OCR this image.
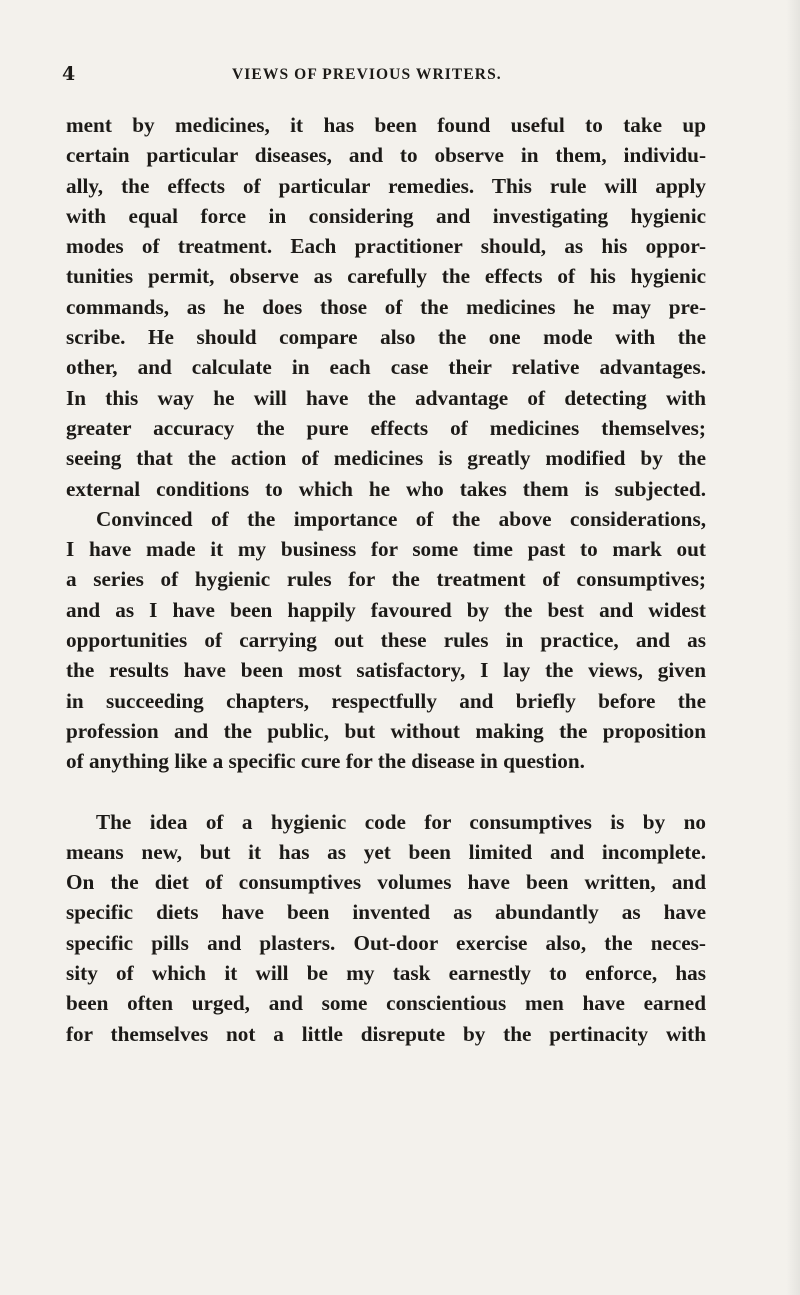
4	VIEWS OF PREVIOUS WRITERS.
ment by medicines, it has been found useful to take up
certain particular diseases, and to observe in them, individu-
ally, the effects of particular remedies. This rule will apply
with equal force in considering and investigating hygienic
modes of treatment. Each practitioner should, as his oppor-
tunities permit, observe as carefully the effects of his hygienic
commands, as he does those of the medicines he may pre-
scribe. He should compare also the one mode with the
other, and calculate in each case their relative advantages.
In this way he will have the advantage of detecting with
greater accuracy the pure effects of medicines themselves;
seeing that the action of medicines is greatly modified by the
external conditions to which he who takes them is subjected.
Convinced of the importance of the above considerations,
I have made it my business for some time past to mark out
a series of hygienic rules for the treatment of consumptives;
and as I have been happily favoured by the best and widest
opportunities of carrying out these rules in practice, and as
the results have been most satisfactory, I lay the views, given
in succeeding chapters, respectfully and briefly before the
profession and the public, but without making the proposition
of anything like a specific cure for the disease in question.
The idea of a hygienic code for consumptives is by no
means new, but it has as yet been limited and incomplete.
On the diet of consumptives volumes have been written, and
specific diets have been invented as abundantly as have
specific pills and plasters. Out-door exercise also, the neces-
sity of which it will be my task earnestly to enforce, has
been often urged, and some conscientious men have earned
for themselves not a little disrepute by the pertinacity with
